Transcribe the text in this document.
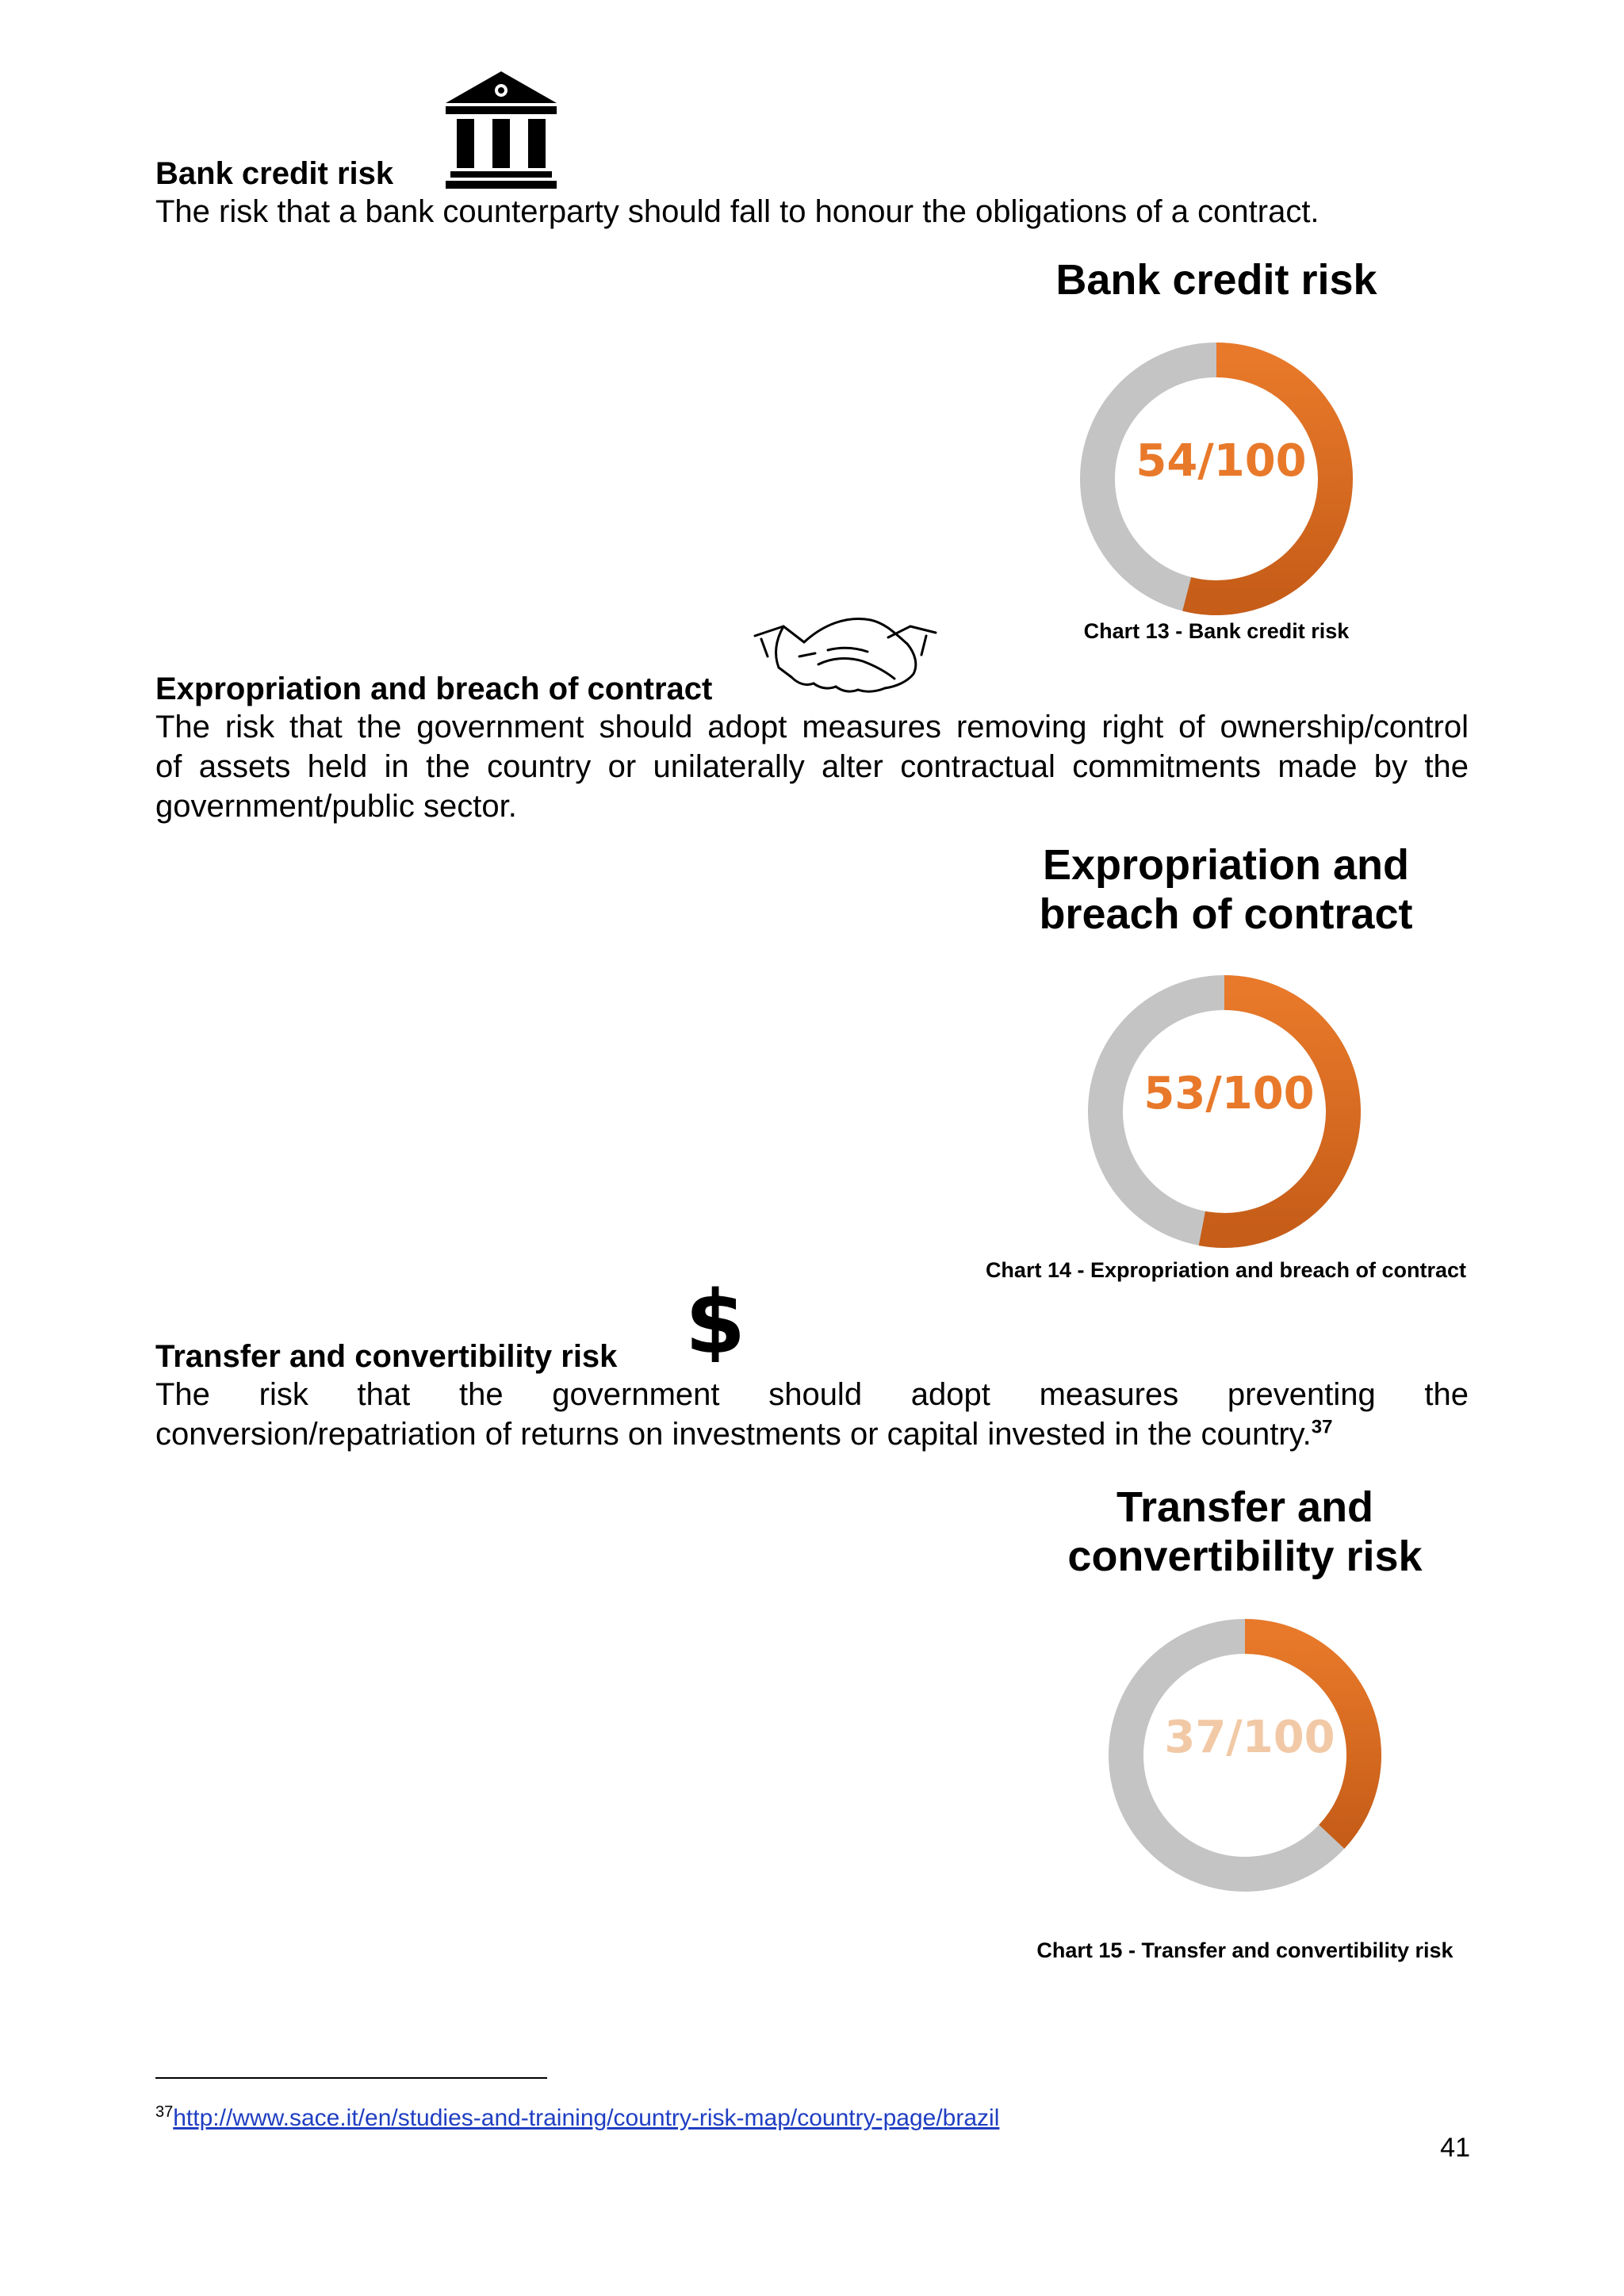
Bank credit risk
The risk that a bank counterparty should fall to honour the obligations of a contract.
Bank credit risk
54/100
Chart 13 - Bank credit risk
Expropriation and breach of contract
The risk that the government should adopt measures removing right of ownership/control
of assets held in the country or unilaterally alter contractual commitments made by the
government/public sector.
Expropriation and
breach of contract
53/100
Chart 14 - Expropriation and breach of contract
$
Transfer and convertibility risk
The risk that the government should adopt measures preventing the
conversion/repatriation of returns on investments or capital invested in the country.$^{37}$
Transfer and
convertibility risk
37/100
Chart 15 - Transfer and convertibility risk
$^{37}$http://www.sace.it/en/studies-and-training/country-risk-map/country-page/brazil
41
